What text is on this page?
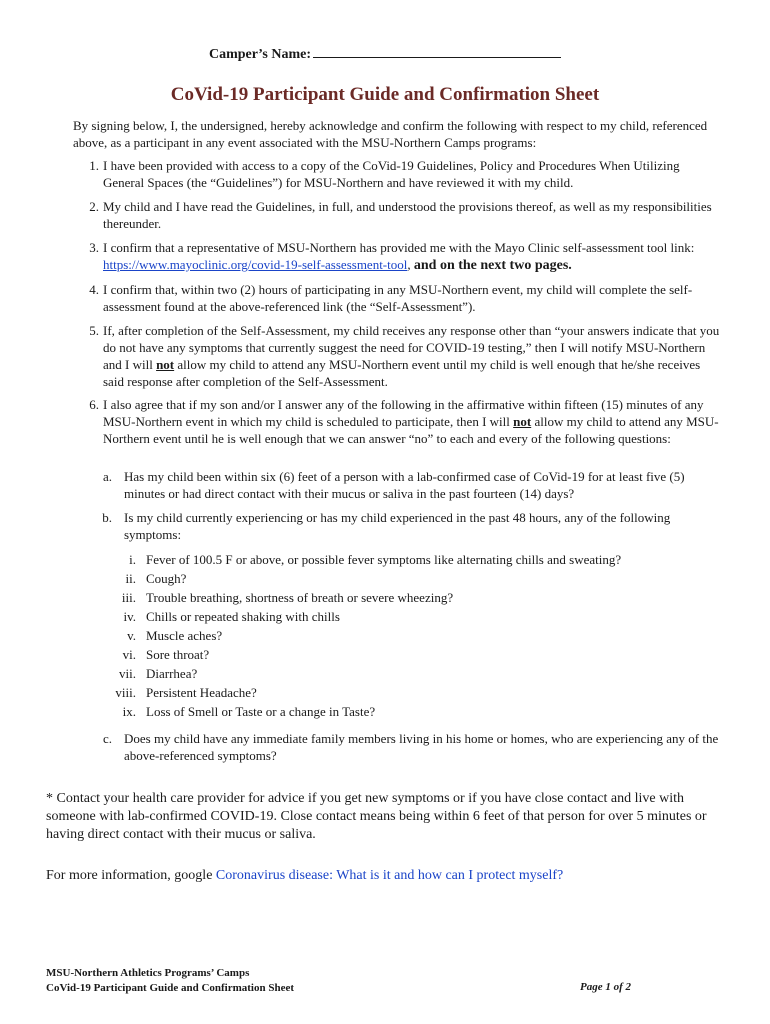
Camper’s Name:
CoVid-19 Participant Guide and Confirmation Sheet
By signing below, I, the undersigned, hereby acknowledge and confirm the following with respect to my child, referenced above, as a participant in any event associated with the MSU-Northern Camps programs:
1. I have been provided with access to a copy of the CoVid-19 Guidelines, Policy and Procedures When Utilizing General Spaces (the “Guidelines”) for MSU-Northern and have reviewed it with my child.
2. My child and I have read the Guidelines, in full, and understood the provisions thereof, as well as my responsibilities thereunder.
3. I confirm that a representative of MSU-Northern has provided me with the Mayo Clinic self-assessment tool link: https://www.mayoclinic.org/covid-19-self-assessment-tool, and on the next two pages.
4. I confirm that, within two (2) hours of participating in any MSU-Northern event, my child will complete the self-assessment found at the above-referenced link (the “Self-Assessment”).
5. If, after completion of the Self-Assessment, my child receives any response other than “your answers indicate that you do not have any symptoms that currently suggest the need for COVID-19 testing,” then I will notify MSU-Northern and I will not allow my child to attend any MSU-Northern event until my child is well enough that he/she receives said response after completion of the Self-Assessment.
6. I also agree that if my son and/or I answer any of the following in the affirmative within fifteen (15) minutes of any MSU-Northern event in which my child is scheduled to participate, then I will not allow my child to attend any MSU-Northern event until he is well enough that we can answer “no” to each and every of the following questions:
a. Has my child been within six (6) feet of a person with a lab-confirmed case of CoVid-19 for at least five (5) minutes or had direct contact with their mucus or saliva in the past fourteen (14) days?
b. Is my child currently experiencing or has my child experienced in the past 48 hours, any of the following symptoms:
i. Fever of 100.5 F or above, or possible fever symptoms like alternating chills and sweating?
ii. Cough?
iii. Trouble breathing, shortness of breath or severe wheezing?
iv. Chills or repeated shaking with chills
v. Muscle aches?
vi. Sore throat?
vii. Diarrhea?
viii. Persistent Headache?
ix. Loss of Smell or Taste or a change in Taste?
c. Does my child have any immediate family members living in his home or homes, who are experiencing any of the above-referenced symptoms?
* Contact your health care provider for advice if you get new symptoms or if you have close contact and live with someone with lab-confirmed COVID-19. Close contact means being within 6 feet of that person for over 5 minutes or having direct contact with their mucus or saliva.
For more information, google Coronavirus disease: What is it and how can I protect myself?
MSU-Northern Athletics Programs’ Camps
CoVid-19 Participant Guide and Confirmation Sheet	Page 1 of 2
